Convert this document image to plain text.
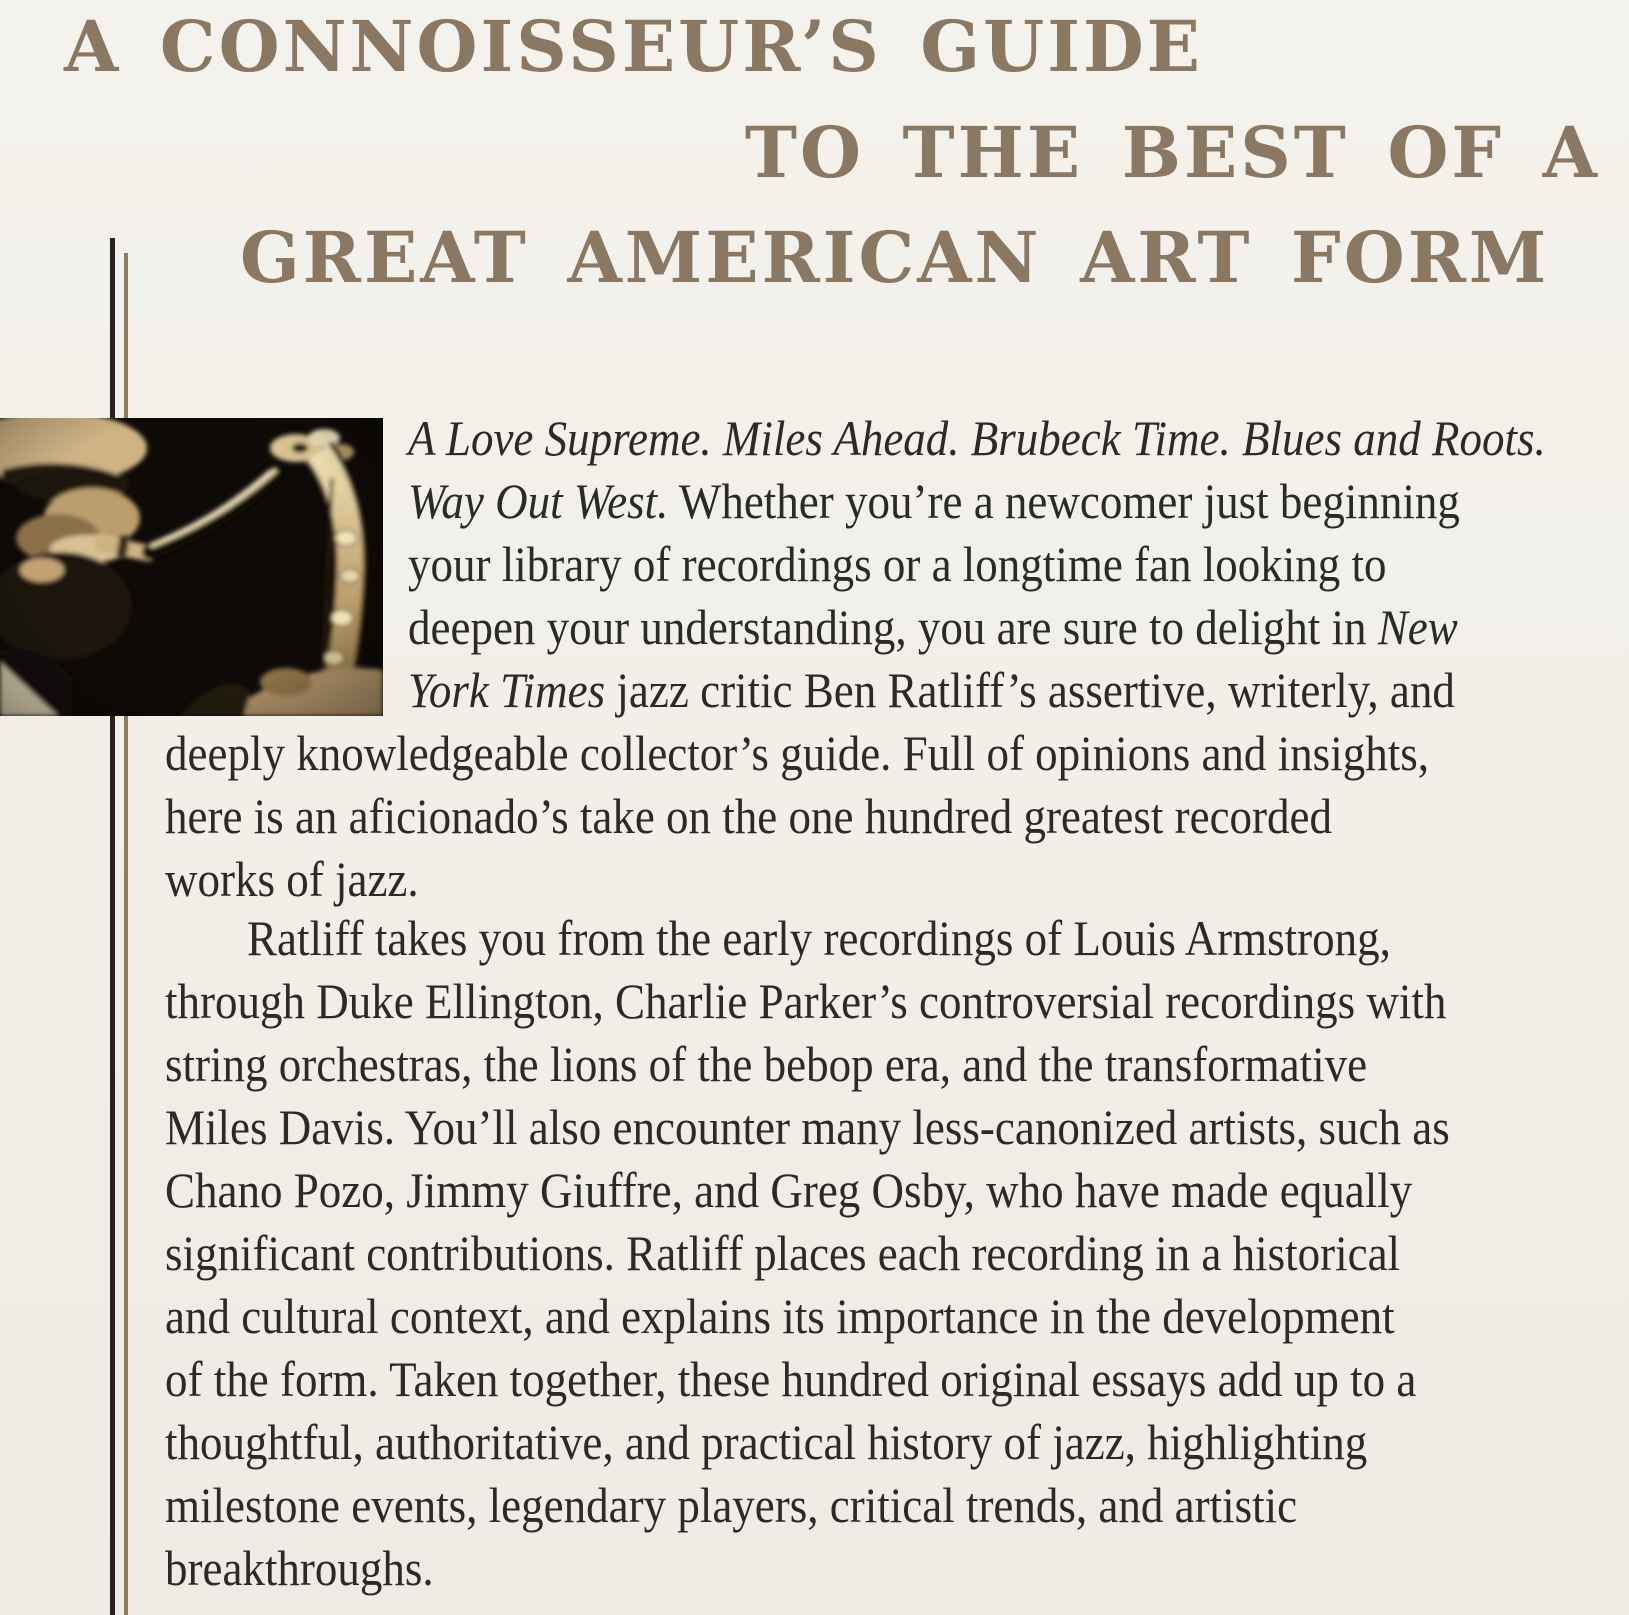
A CONNOISSEUR’S GUIDE
TO THE BEST OF A
GREAT AMERICAN ART FORM
A Love Supreme. Miles Ahead. Brubeck Time. Blues and Roots.
Way Out West. Whether you’re a newcomer just beginning
your library of recordings or a longtime fan looking to
deepen your understanding, you are sure to delight in New
York Times jazz critic Ben Ratliff’s assertive, writerly, and
deeply knowledgeable collector’s guide. Full of opinions and insights,
here is an aficionado’s take on the one hundred greatest recorded
works of jazz.
Ratliff takes you from the early recordings of Louis Armstrong,
through Duke Ellington, Charlie Parker’s controversial recordings with
string orchestras, the lions of the bebop era, and the transformative
Miles Davis. You’ll also encounter many less-canonized artists, such as
Chano Pozo, Jimmy Giuffre, and Greg Osby, who have made equally
significant contributions. Ratliff places each recording in a historical
and cultural context, and explains its importance in the development
of the form. Taken together, these hundred original essays add up to a
thoughtful, authoritative, and practical history of jazz, highlighting
milestone events, legendary players, critical trends, and artistic
breakthroughs.
